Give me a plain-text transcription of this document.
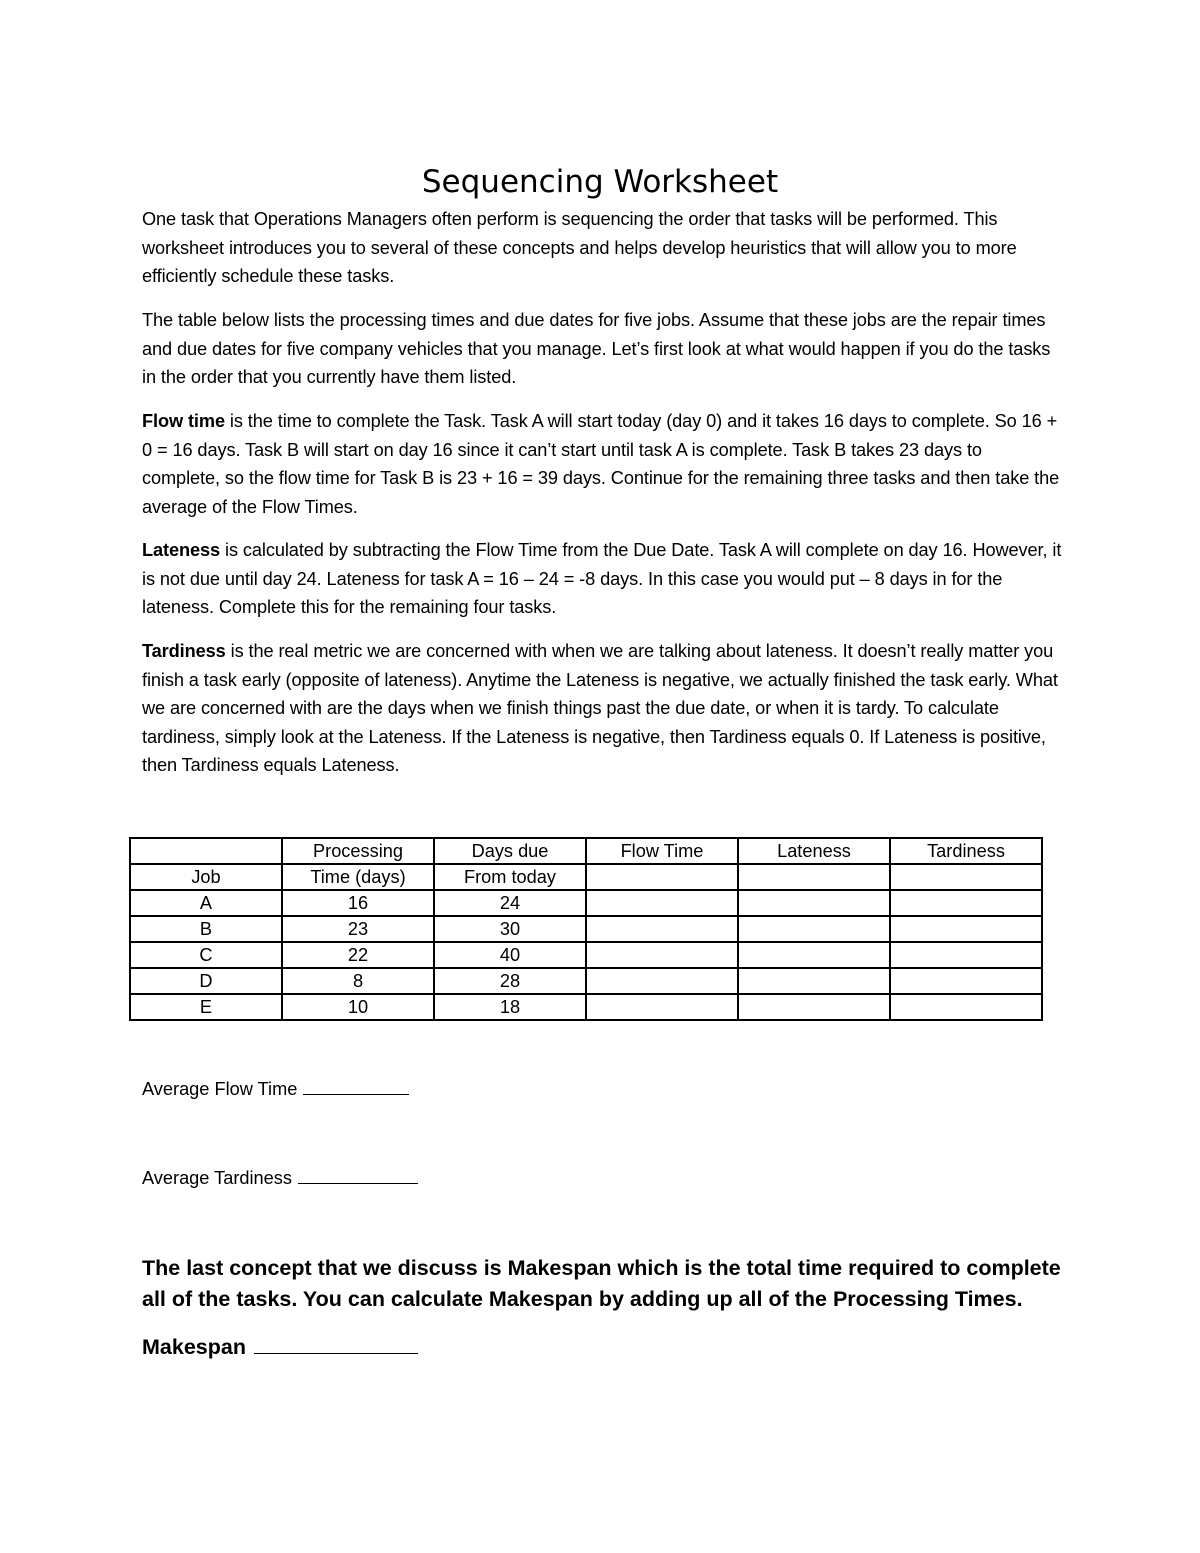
Sequencing Worksheet
One task that Operations Managers often perform is sequencing the order that tasks will be performed. This worksheet introduces you to several of these concepts and helps develop heuristics that will allow you to more efficiently schedule these tasks.
The table below lists the processing times and due dates for five jobs. Assume that these jobs are the repair times and due dates for five company vehicles that you manage. Let’s first look at what would happen if you do the tasks in the order that you currently have them listed.
Flow time is the time to complete the Task. Task A will start today (day 0) and it takes 16 days to complete. So 16 + 0 = 16 days. Task B will start on day 16 since it can’t start until task A is complete. Task B takes 23 days to complete, so the flow time for Task B is 23 + 16 = 39 days. Continue for the remaining three tasks and then take the average of the Flow Times.
Lateness is calculated by subtracting the Flow Time from the Due Date. Task A will complete on day 16. However, it is not due until day 24. Lateness for task A = 16 – 24 = -8 days. In this case you would put – 8 days in for the lateness. Complete this for the remaining four tasks.
Tardiness is the real metric we are concerned with when we are talking about lateness. It doesn’t really matter you finish a task early (opposite of lateness). Anytime the Lateness is negative, we actually finished the task early. What we are concerned with are the days when we finish things past the due date, or when it is tardy. To calculate tardiness, simply look at the Lateness. If the Lateness is negative, then Tardiness equals 0. If Lateness is positive, then Tardiness equals Lateness.
	Processing	Days due	Flow Time	Lateness	Tardiness
Job	Time (days)	From today			
A	16	24			
B	23	30			
C	22	40			
D	8	28			
E	10	18			
Average Flow Time
Average Tardiness
The last concept that we discuss is Makespan which is the total time required to complete all of the tasks. You can calculate Makespan by adding up all of the Processing Times.
Makespan
